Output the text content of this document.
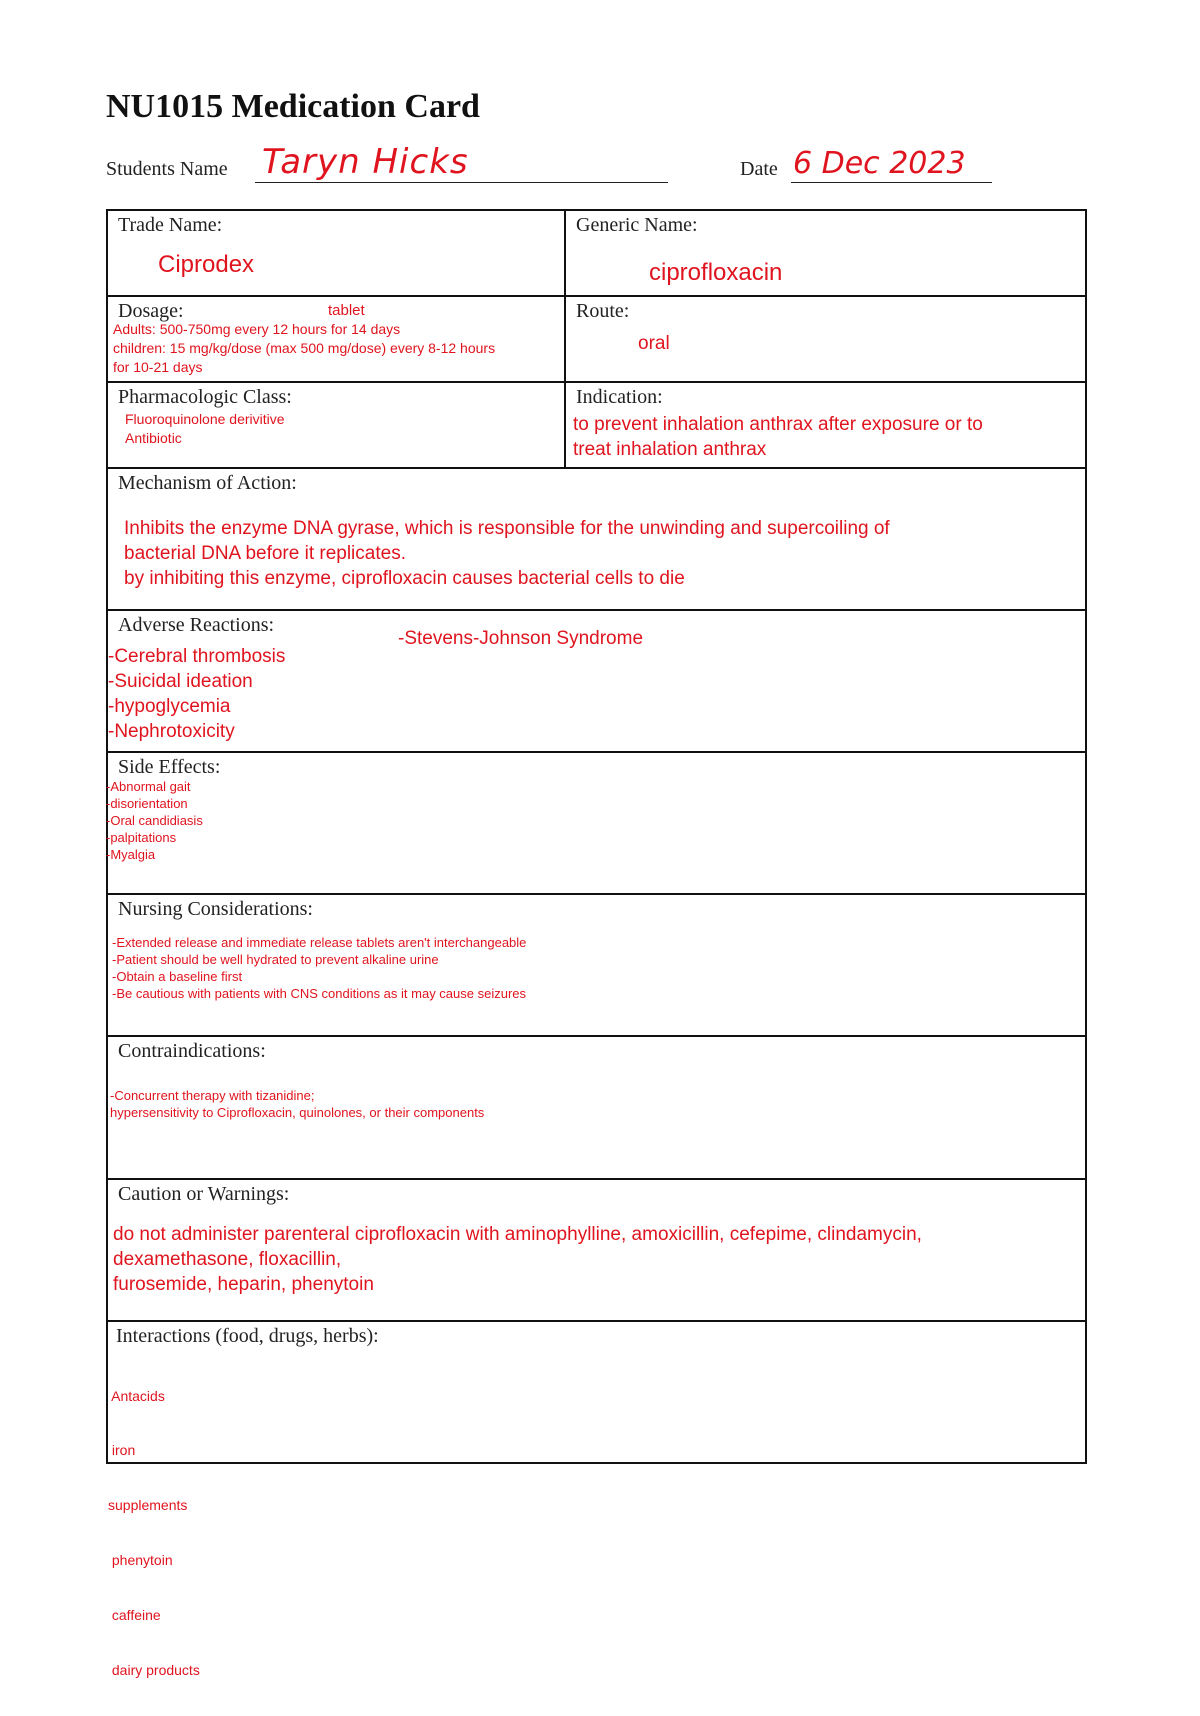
NU1015 Medication Card
Students Name Taryn Hicks	Date 6 Dec 2023
Trade Name:
Ciprodex
Generic Name:
ciprofloxacin
Dosage:	tablet
Adults: 500-750mg every 12 hours for 14 days
children: 15 mg/kg/dose (max 500 mg/dose) every 8-12 hours
for 10-21 days
Route:
oral
Pharmacologic Class:
Fluoroquinolone derivitive
Antibiotic
Indication:
to prevent inhalation anthrax after exposure or to
treat inhalation anthrax
Mechanism of Action:
Inhibits the enzyme DNA gyrase, which is responsible for the unwinding and supercoiling of
bacterial DNA before it replicates.
by inhibiting this enzyme, ciprofloxacin causes bacterial cells to die
Adverse Reactions:
-Stevens-Johnson Syndrome
-Cerebral thrombosis
-Suicidal ideation
-hypoglycemia
-Nephrotoxicity
Side Effects:
-Abnormal gait
-disorientation
-Oral candidiasis
-palpitations
-Myalgia
Nursing Considerations:
-Extended release and immediate release tablets aren't interchangeable
-Patient should be well hydrated to prevent alkaline urine
-Obtain a baseline first
-Be cautious with patients with CNS conditions as it may cause seizures
Contraindications:
-Concurrent therapy with tizanidine;
hypersensitivity to Ciprofloxacin, quinolones, or their components
Caution or Warnings:
do not administer parenteral ciprofloxacin with aminophylline, amoxicillin, cefepime, clindamycin,
dexamethasone, floxacillin,
furosemide, heparin, phenytoin
Interactions (food, drugs, herbs):

Antacids

iron

supplements

phenytoin

caffeine

dairy products
